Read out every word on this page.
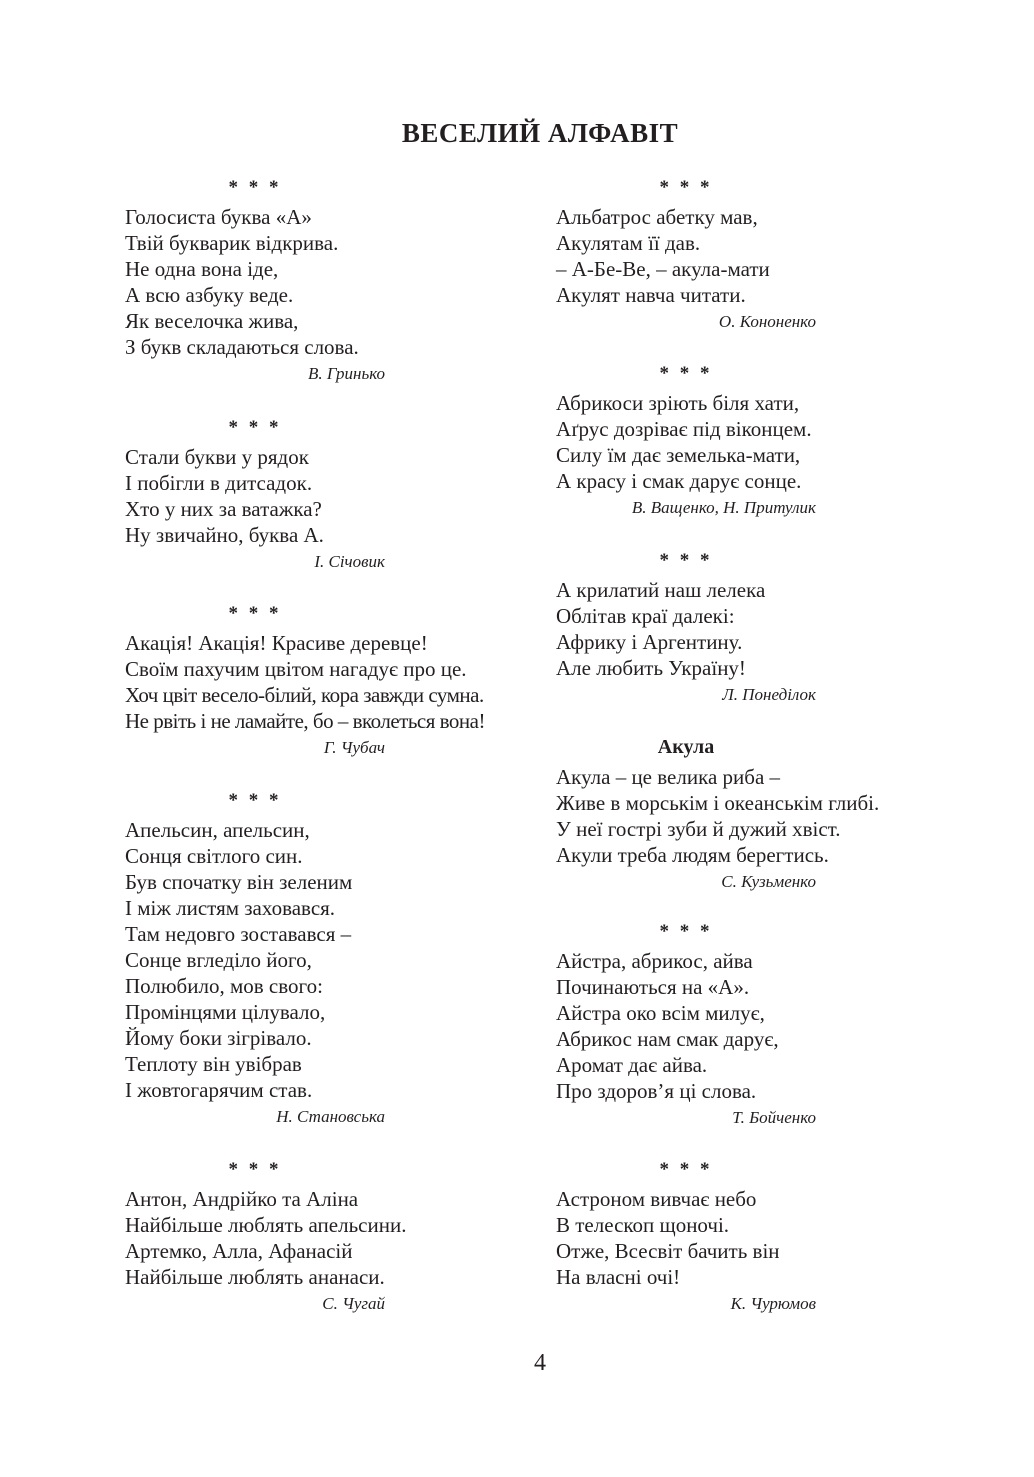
ВЕСЕЛИЙ АЛФАВІТ
* * *
Голосиста буква «А»
Твій букварик відкрива.
Не одна вона іде,
А всю азбуку веде.
Як веселочка жива,
З букв складаються слова.
В. Гринько
* * *
Стали букви у рядок
І побігли в дитсадок.
Хто у них за ватажка?
Ну звичайно, буква А.
І. Січовик
* * *
Акація! Акація! Красиве деревце!
Своїм пахучим цвітом нагадує про це.
Хоч цвіт весело-білий, кора завжди сумна.
Не рвіть і не ламайте, бо – вколеться вона!
Г. Чубач
* * *
Апельсин, апельсин,
Сонця світлого син.
Був спочатку він зеленим
І між листям заховався.
Там недовго зоставався –
Сонце вгледіло його,
Полюбило, мов свого:
Промінцями цілувало,
Йому боки зігрівало.
Теплоту він увібрав
І жовтогарячим став.
Н. Становська
* * *
Антон, Андрійко та Аліна
Найбільше люблять апельсини.
Артемко, Алла, Афанасій
Найбільше люблять ананаси.
С. Чугай
* * *
Альбатрос абетку мав,
Акулятам її дав.
– А-Бе-Ве, – акула-мати
Акулят навча читати.
О. Кононенко
* * *
Абрикоси зріють біля хати,
Аґрус дозріває під віконцем.
Силу їм дає земелька-мати,
А красу і смак дарує сонце.
В. Ващенко, Н. Притулик
* * *
А крилатий наш лелека
Облітав краї далекі:
Африку і Аргентину.
Але любить Україну!
Л. Понеділок
Акула
Акула – це велика риба –
Живе в морськім і океанськім глибі.
У неї гострі зуби й дужий хвіст.
Акули треба людям берегтись.
С. Кузьменко
* * *
Айстра, абрикос, айва
Починаються на «А».
Айстра око всім милує,
Абрикос нам смак дарує,
Аромат дає айва.
Про здоров’я ці слова.
Т. Бойченко
* * *
Астроном вивчає небо
В телескоп щоночі.
Отже, Всесвіт бачить він
На власні очі!
К. Чурюмов
4
